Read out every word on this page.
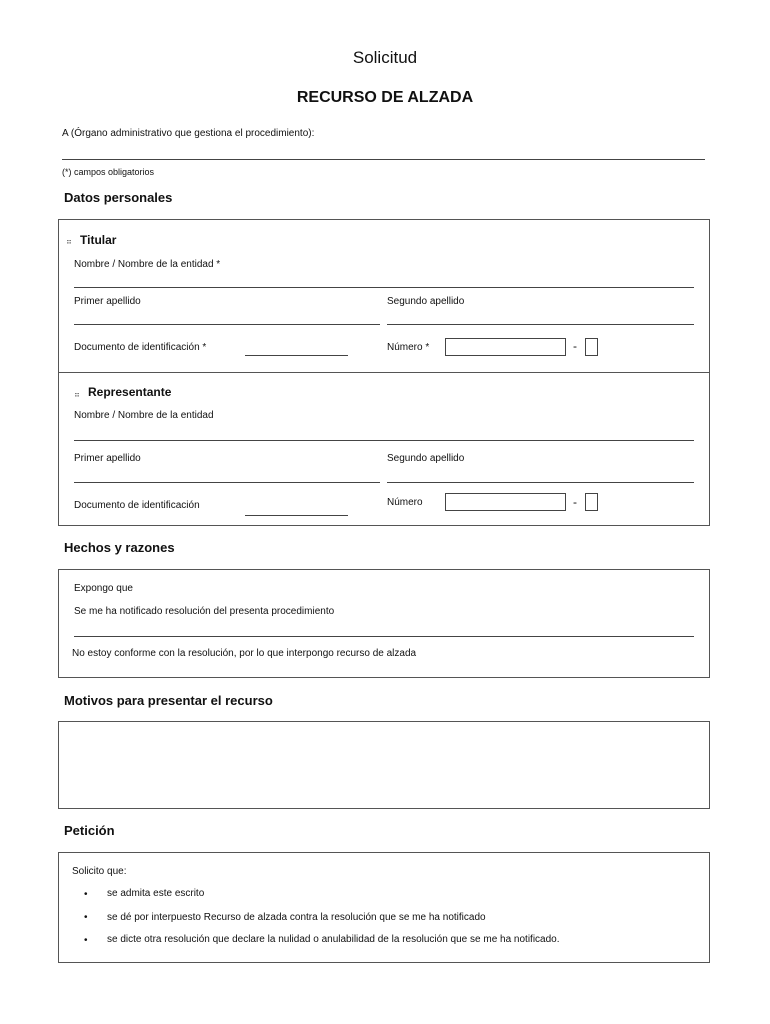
Solicitud
RECURSO DE ALZADA
A (Órgano administrativo que gestiona el procedimiento):
(*) campos obligatorios
Datos personales
⠶ Titular
Nombre / Nombre de la entidad *
Primer apellido	Segundo apellido
Documento de identificación *	Número *	-
⠶ Representante
Nombre / Nombre de la entidad
Primer apellido	Segundo apellido
Documento de identificación	Número	-
Hechos y razones
Expongo que
Se me ha notificado resolución del presenta procedimiento
No estoy conforme con la resolución, por lo que interpongo recurso de alzada
Motivos para presentar el recurso
Petición
Solicito que:
• se admita este escrito
• se dé por interpuesto Recurso de alzada contra la resolución que se me ha notificado
• se dicte otra resolución que declare la nulidad o anulabilidad de la resolución que se me ha notificado.
